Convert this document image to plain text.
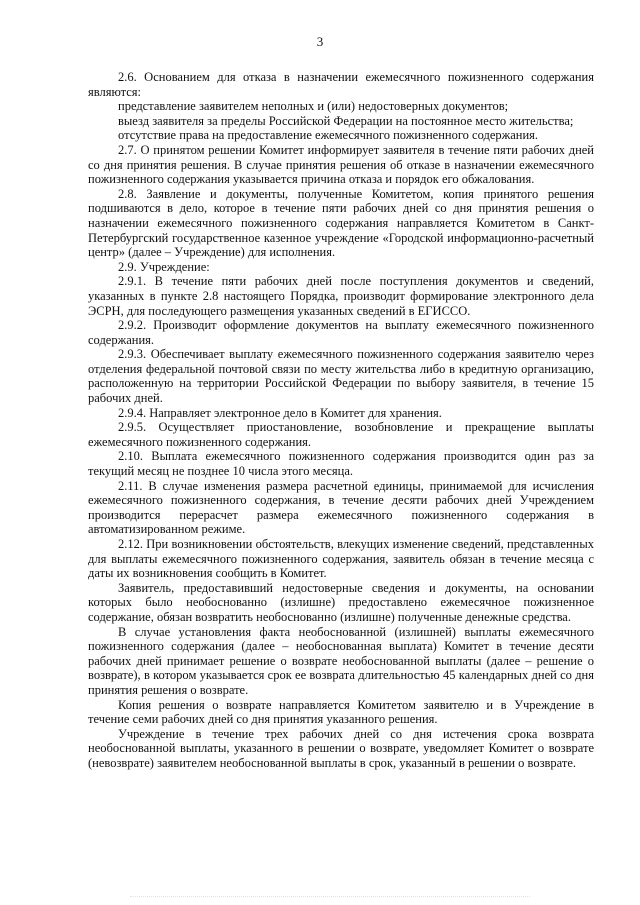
3

2.6. Основанием для отказа в назначении ежемесячного пожизненного содержания являются:

представление заявителем неполных и (или) недостоверных документов;

выезд заявителя за пределы Российской Федерации на постоянное место жительства;

отсутствие права на предоставление ежемесячного пожизненного содержания.

2.7. О принятом решении Комитет информирует заявителя в течение пяти рабочих дней со дня принятия решения. В случае принятия решения об отказе в назначении ежемесячного пожизненного содержания указывается причина отказа и порядок его обжалования.

2.8. Заявление и документы, полученные Комитетом, копия принятого решения подшиваются в дело, которое в течение пяти рабочих дней со дня принятия решения о назначении ежемесячного пожизненного содержания направляется Комитетом в Санкт-Петербургский государственное казенное учреждение «Городской информационно-расчетный центр» (далее – Учреждение) для исполнения.

2.9. Учреждение:

2.9.1. В течение пяти рабочих дней после поступления документов и сведений, указанных в пункте 2.8 настоящего Порядка, производит формирование электронного дела ЭСРН, для последующего размещения указанных сведений в ЕГИССО.

2.9.2. Производит оформление документов на выплату ежемесячного пожизненного содержания.

2.9.3. Обеспечивает выплату ежемесячного пожизненного содержания заявителю через отделения федеральной почтовой связи по месту жительства либо в кредитную организацию, расположенную на территории Российской Федерации по выбору заявителя, в течение 15 рабочих дней.

2.9.4. Направляет электронное дело в Комитет для хранения.

2.9.5. Осуществляет приостановление, возобновление и прекращение выплаты ежемесячного пожизненного содержания.

2.10. Выплата ежемесячного пожизненного содержания производится один раз за текущий месяц не позднее 10 числа этого месяца.

2.11. В случае изменения размера расчетной единицы, принимаемой для исчисления ежемесячного пожизненного содержания, в течение десяти рабочих дней Учреждением производится перерасчет размера ежемесячного пожизненного содержания в автоматизированном режиме.

2.12. При возникновении обстоятельств, влекущих изменение сведений, представленных для выплаты ежемесячного пожизненного содержания, заявитель обязан в течение месяца с даты их возникновения сообщить в Комитет.

Заявитель, предоставивший недостоверные сведения и документы, на основании которых было необоснованно (излишне) предоставлено ежемесячное пожизненное содержание, обязан возвратить необоснованно (излишне) полученные денежные средства.

В случае установления факта необоснованной (излишней) выплаты ежемесячного пожизненного содержания (далее – необоснованная выплата) Комитет в течение десяти рабочих дней принимает решение о возврате необоснованной выплаты (далее – решение о возврате), в котором указывается срок ее возврата длительностью 45 календарных дней со дня принятия решения о возврате.

Копия решения о возврате направляется Комитетом заявителю и в Учреждение в течение семи рабочих дней со дня принятия указанного решения.

Учреждение в течение трех рабочих дней со дня истечения срока возврата необоснованной выплаты, указанного в решении о возврате, уведомляет Комитет о возврате (невозврате) заявителем необоснованной выплаты в срок, указанный в решении о возврате.
